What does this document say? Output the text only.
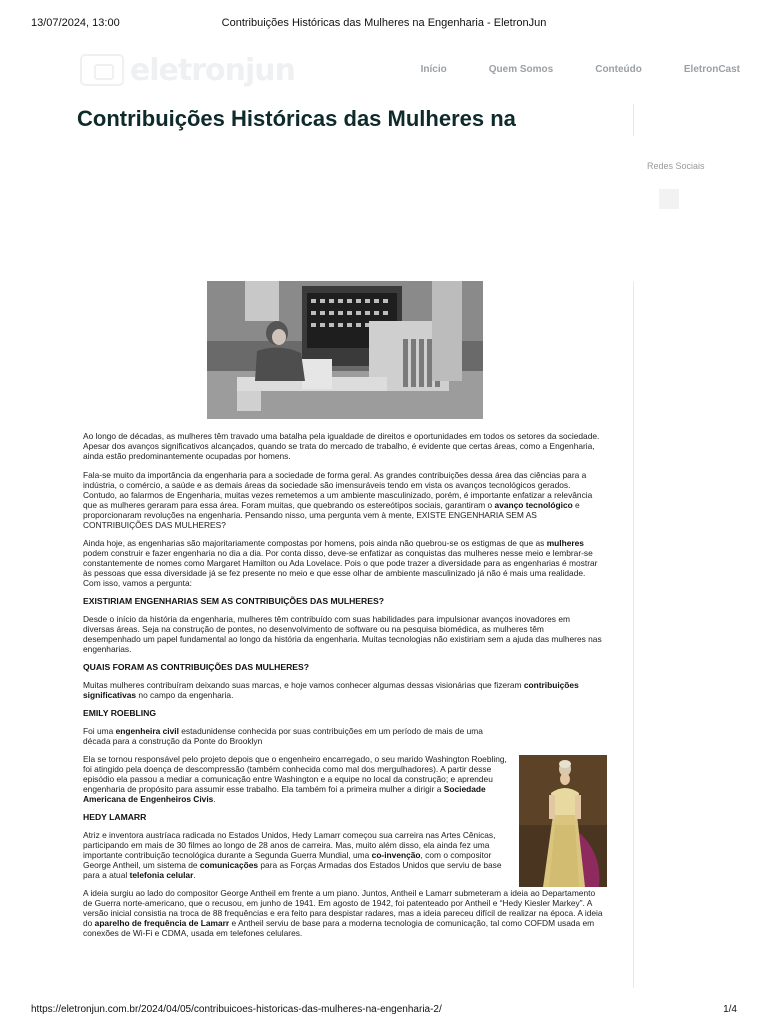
13/07/2024, 13:00	Contribuições Históricas das Mulheres na Engenharia - EletronJun
eletronjun	Início	Quem Somos	Conteúdo	EletronCast
Contribuições Históricas das Mulheres na
Redes Sociais

Ao longo de décadas, as mulheres têm travado uma batalha pela igualdade de direitos e oportunidades em todos os setores da sociedade. Apesar dos avanços significativos alcançados, quando se trata do mercado de trabalho, é evidente que certas áreas, como a Engenharia, ainda estão predominantemente ocupadas por homens.

Fala-se muito da importância da engenharia para a sociedade de forma geral. As grandes contribuições dessa área das ciências para a indústria, o comércio, a saúde e as demais áreas da sociedade são imensuráveis tendo em vista os avanços tecnológicos gerados. Contudo, ao falarmos de Engenharia, muitas vezes remetemos a um ambiente masculinizado, porém, é importante enfatizar a relevância que as mulheres geraram para essa área. Foram muitas, que quebrando os estereótipos sociais, garantiram o avanço tecnológico e proporcionaram revoluções na engenharia. Pensando nisso, uma pergunta vem à mente, EXISTE ENGENHARIA SEM AS CONTRIBUIÇÕES DAS MULHERES?

Ainda hoje, as engenharias são majoritariamente compostas por homens, pois ainda não quebrou-se os estigmas de que as mulheres podem construir e fazer engenharia no dia a dia. Por conta disso, deve-se enfatizar as conquistas das mulheres nesse meio e lembrar-se constantemente de nomes como Margaret Hamilton ou Ada Lovelace. Pois o que pode trazer a diversidade para as engenharias é mostrar às pessoas que essa diversidade já se fez presente no meio e que esse olhar de ambiente masculinizado já não é mais uma realidade. Com isso, vamos a pergunta:

EXISTIRIAM ENGENHARIAS SEM AS CONTRIBUIÇÕES DAS MULHERES?

Desde o início da história da engenharia, mulheres têm contribuído com suas habilidades para impulsionar avanços inovadores em diversas áreas. Seja na construção de pontes, no desenvolvimento de software ou na pesquisa biomédica, as mulheres têm desempenhado um papel fundamental ao longo da história da engenharia. Muitas tecnologias não existiriam sem a ajuda das mulheres nas engenharias.

QUAIS FORAM AS CONTRIBUIÇÕES DAS MULHERES?

Muitas mulheres contribuíram deixando suas marcas, e hoje vamos conhecer algumas dessas visionárias que fizeram contribuições significativas no campo da engenharia.

EMILY ROEBLING

Foi uma engenheira civil estadunidense conhecida por suas contribuições em um período de mais de uma década para a construção da Ponte do Brooklyn

Ela se tornou responsável pelo projeto depois que o engenheiro encarregado, o seu marido Washington Roebling, foi atingido pela doença de descompressão (também conhecida como mal dos mergulhadores). A partir desse episódio ela passou a mediar a comunicação entre Washington e a equipe no local da construção; e aprendeu engenharia de propósito para assumir esse trabalho. Ela também foi a primeira mulher a dirigir a Sociedade Americana de Engenheiros Civis.

HEDY LAMARR

Atriz e inventora austríaca radicada no Estados Unidos, Hedy Lamarr começou sua carreira nas Artes Cênicas, participando em mais de 30 filmes ao longo de 28 anos de carreira. Mas, muito além disso, ela ainda fez uma importante contribuição tecnológica durante a Segunda Guerra Mundial, uma co-invenção, com o compositor George Antheil, um sistema de comunicações para as Forças Armadas dos Estados Unidos que serviu de base para a atual telefonia celular.

A ideia surgiu ao lado do compositor George Antheil em frente a um piano. Juntos, Antheil e Lamarr submeteram a ideia ao Departamento de Guerra norte-americano, que o recusou, em junho de 1941. Em agosto de 1942, foi patenteado por Antheil e “Hedy Kiesler Markey”. A versão inicial consistia na troca de 88 frequências e era feito para despistar radares, mas a ideia pareceu difícil de realizar na época. A ideia do aparelho de frequência de Lamarr e Antheil serviu de base para a moderna tecnologia de comunicação, tal como COFDM usada em conexões de Wi-Fi e CDMA, usada em telefones celulares.

https://eletronjun.com.br/2024/04/05/contribuicoes-historicas-das-mulheres-na-engenharia-2/	1/4
